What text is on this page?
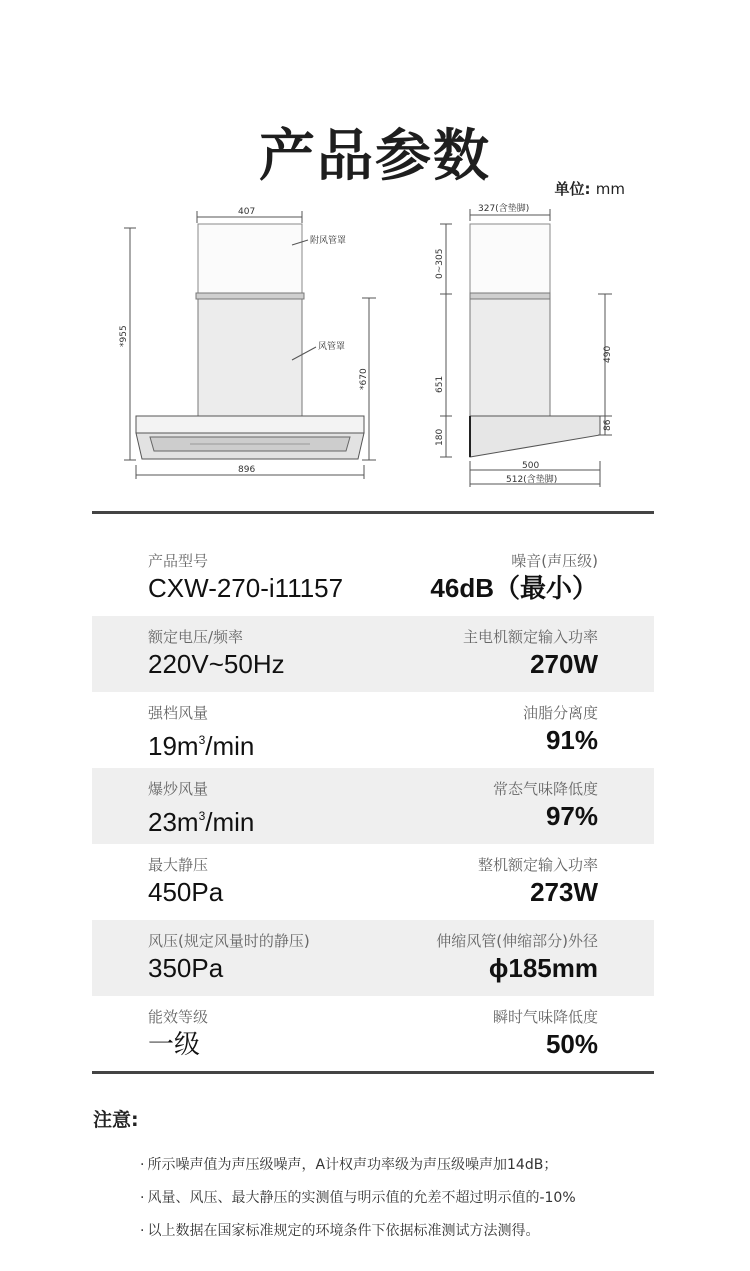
产品参数	单位: mm
407
附风管罩
风管罩
*955
*670
896
327(含垫脚)
0~305
651
180
490
86
500
512(含垫脚)
产品型号
CXW-270-i11157
噪音(声压级)
46dB（最小）
额定电压/频率
220V~50Hz
主电机额定输入功率
270W
强档风量
$19m^3/\min$
油脂分离度
91%
爆炒风量
$23m^3/\min$
常态气味降低度
97%
最大静压
450Pa
整机额定输入功率
273W
风压(规定风量时的静压)
350Pa
伸缩风管(伸缩部分)外径
ϕ185mm
能效等级
一级
瞬时气味降低度
50%
注意:
· 所示噪声值为声压级噪声，A计权声功率级为声压级噪声加14dB；
· 风量、风压、最大静压的实测值与明示值的允差不超过明示值的-10%
· 以上数据在国家标准规定的环境条件下依据标准测试方法测得。
